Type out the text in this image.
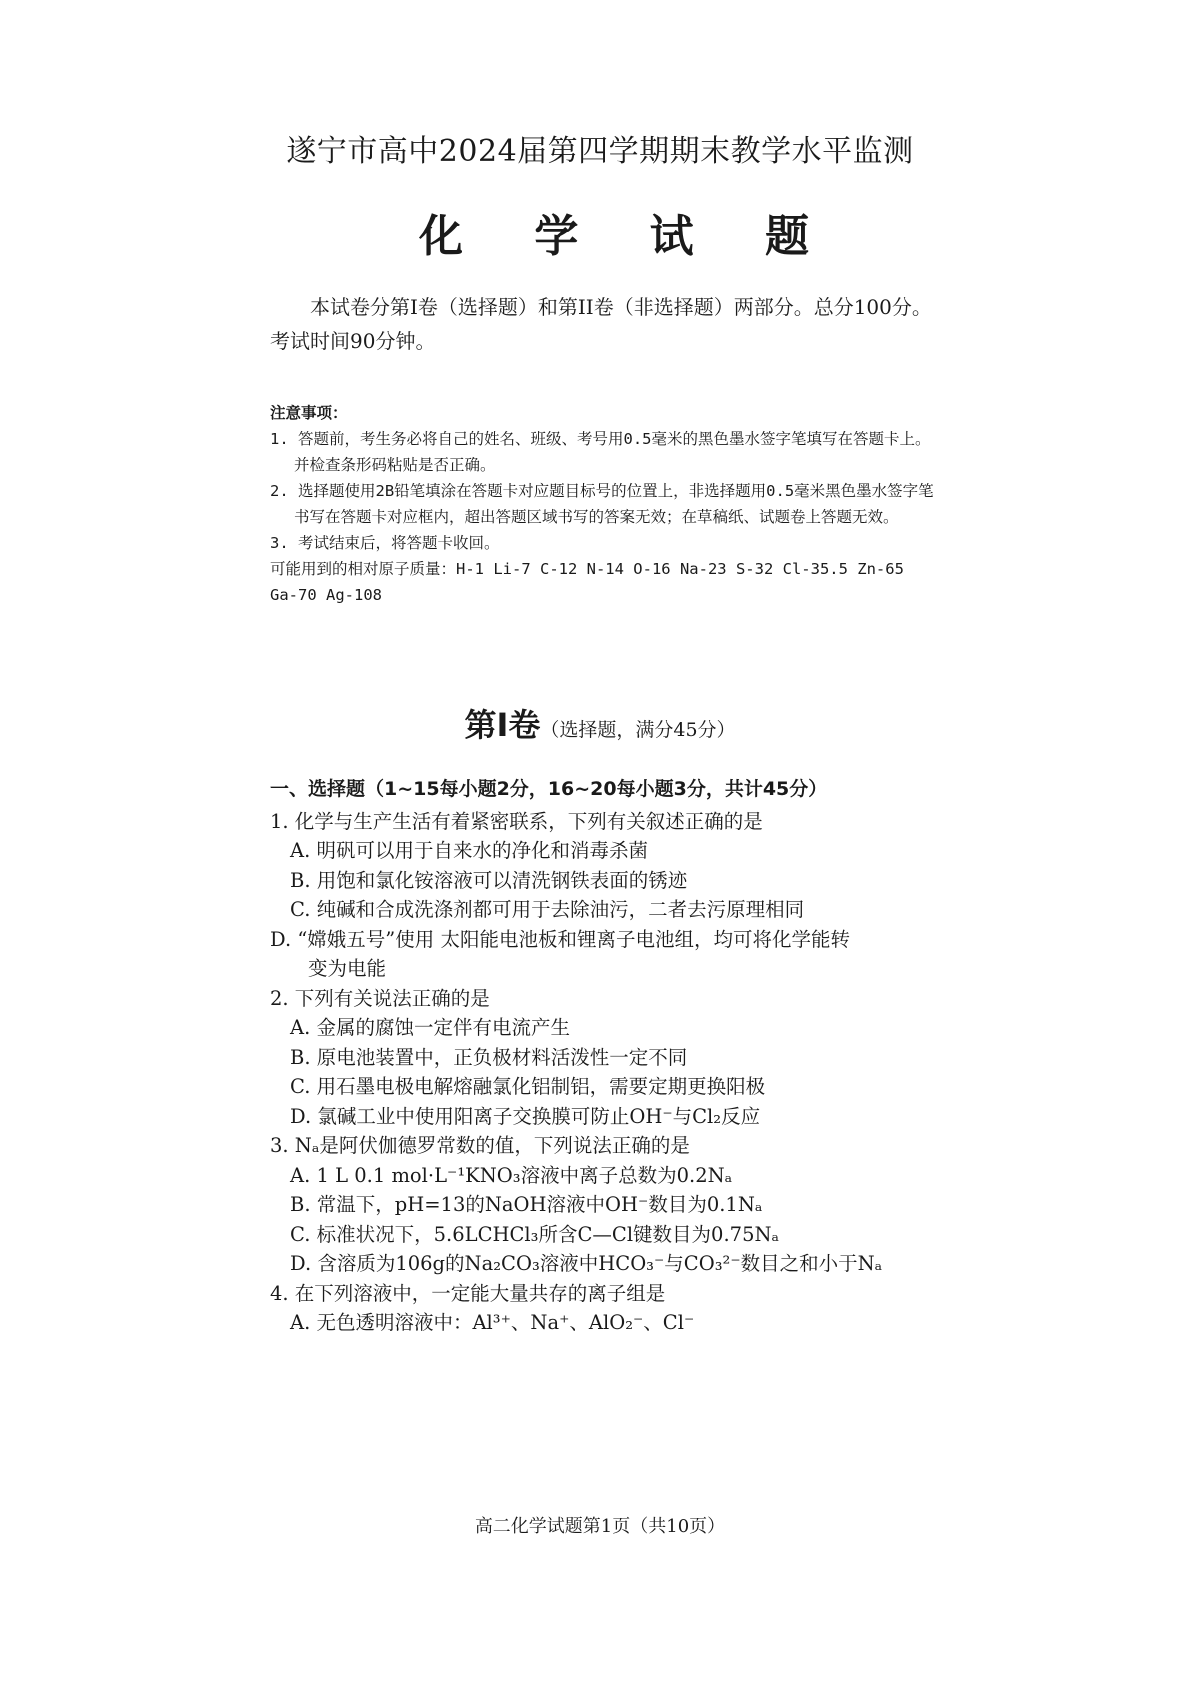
遂宁市高中2024届第四学期期末教学水平监测
化 学 试 题
本试卷分第Ⅰ卷（选择题）和第II卷（非选择题）两部分。总分100分。考试时间90分钟。
注意事项：
1. 答题前，考生务必将自己的姓名、班级、考号用0.5毫米的黑色墨水签字笔填写在答题卡上。并检查条形码粘贴是否正确。
2. 选择题使用2B铅笔填涂在答题卡对应题目标号的位置上，非选择题用0.5毫米黑色墨水签字笔书写在答题卡对应框内，超出答题区域书写的答案无效；在草稿纸、试题卷上答题无效。
3. 考试结束后，将答题卡收回。
可能用到的相对原子质量：H-1 Li-7 C-12 N-14 O-16 Na-23 S-32 Cl-35.5 Zn-65 Ga-70 Ag-108
第Ⅰ卷（选择题，满分45分）
一、选择题（1~15每小题2分，16~20每小题3分，共计45分）
1. 化学与生产生活有着紧密联系，下列有关叙述正确的是
A. 明矾可以用于自来水的净化和消毒杀菌
B. 用饱和氯化铵溶液可以清洗钢铁表面的锈迹
C. 纯碱和合成洗涤剂都可用于去除油污，二者去污原理相同
D. “嫦娥五号”使用 太阳能电池板和锂离子电池组，均可将化学能转
变为电能
2. 下列有关说法正确的是
A. 金属的腐蚀一定伴有电流产生
B. 原电池装置中，正负极材料活泼性一定不同
C. 用石墨电极电解熔融氯化铝制铝，需要定期更换阳极
D. 氯碱工业中使用阳离子交换膜可防止OH⁻与Cl₂反应
3. Nₐ是阿伏伽德罗常数的值，下列说法正确的是
A. 1 L 0.1 mol·L⁻¹KNO₃溶液中离子总数为0.2Nₐ
B. 常温下，pH=13的NaOH溶液中OH⁻数目为0.1Nₐ
C. 标准状况下，5.6LCHCl₃所含C—Cl键数目为0.75Nₐ
D. 含溶质为106g的Na₂CO₃溶液中HCO₃⁻与CO₃²⁻数目之和小于Nₐ
4. 在下列溶液中，一定能大量共存的离子组是
A. 无色透明溶液中：Al³⁺、Na⁺、AlO₂⁻、Cl⁻
高二化学试题第1页（共10页）
